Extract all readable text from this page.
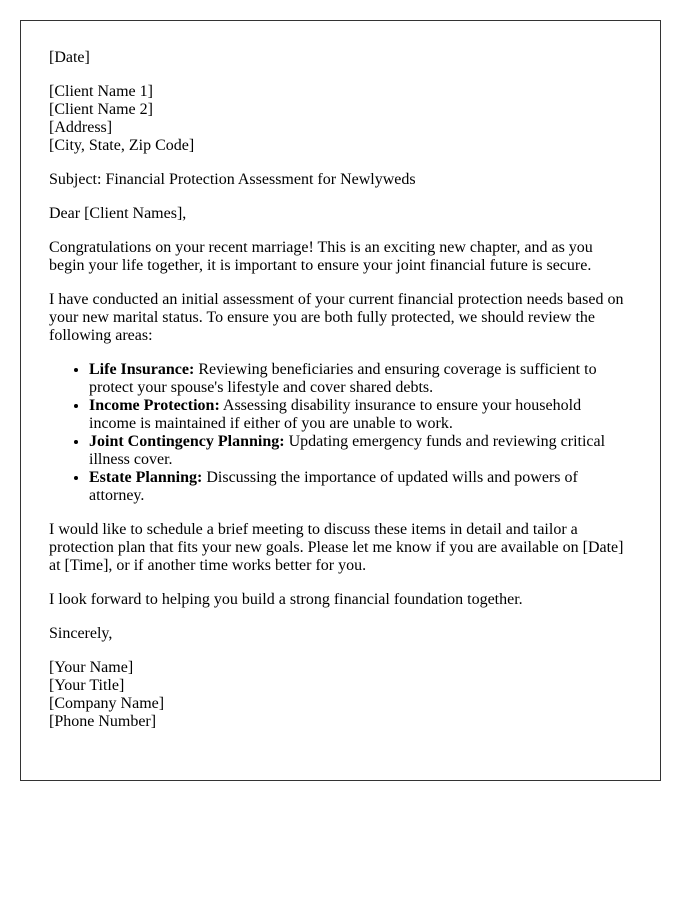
[Date]

[Client Name 1]
[Client Name 2]
[Address]
[City, State, Zip Code]

Subject: Financial Protection Assessment for Newlyweds

Dear [Client Names],

Congratulations on your recent marriage! This is an exciting new chapter, and as you begin your life together, it is important to ensure your joint financial future is secure.

I have conducted an initial assessment of your current financial protection needs based on your new marital status. To ensure you are both fully protected, we should review the following areas:

• Life Insurance: Reviewing beneficiaries and ensuring coverage is sufficient to protect your spouse's lifestyle and cover shared debts.
• Income Protection: Assessing disability insurance to ensure your household income is maintained if either of you are unable to work.
• Joint Contingency Planning: Updating emergency funds and reviewing critical illness cover.
• Estate Planning: Discussing the importance of updated wills and powers of attorney.

I would like to schedule a brief meeting to discuss these items in detail and tailor a protection plan that fits your new goals. Please let me know if you are available on [Date] at [Time], or if another time works better for you.

I look forward to helping you build a strong financial foundation together.

Sincerely,

[Your Name]
[Your Title]
[Company Name]
[Phone Number]
